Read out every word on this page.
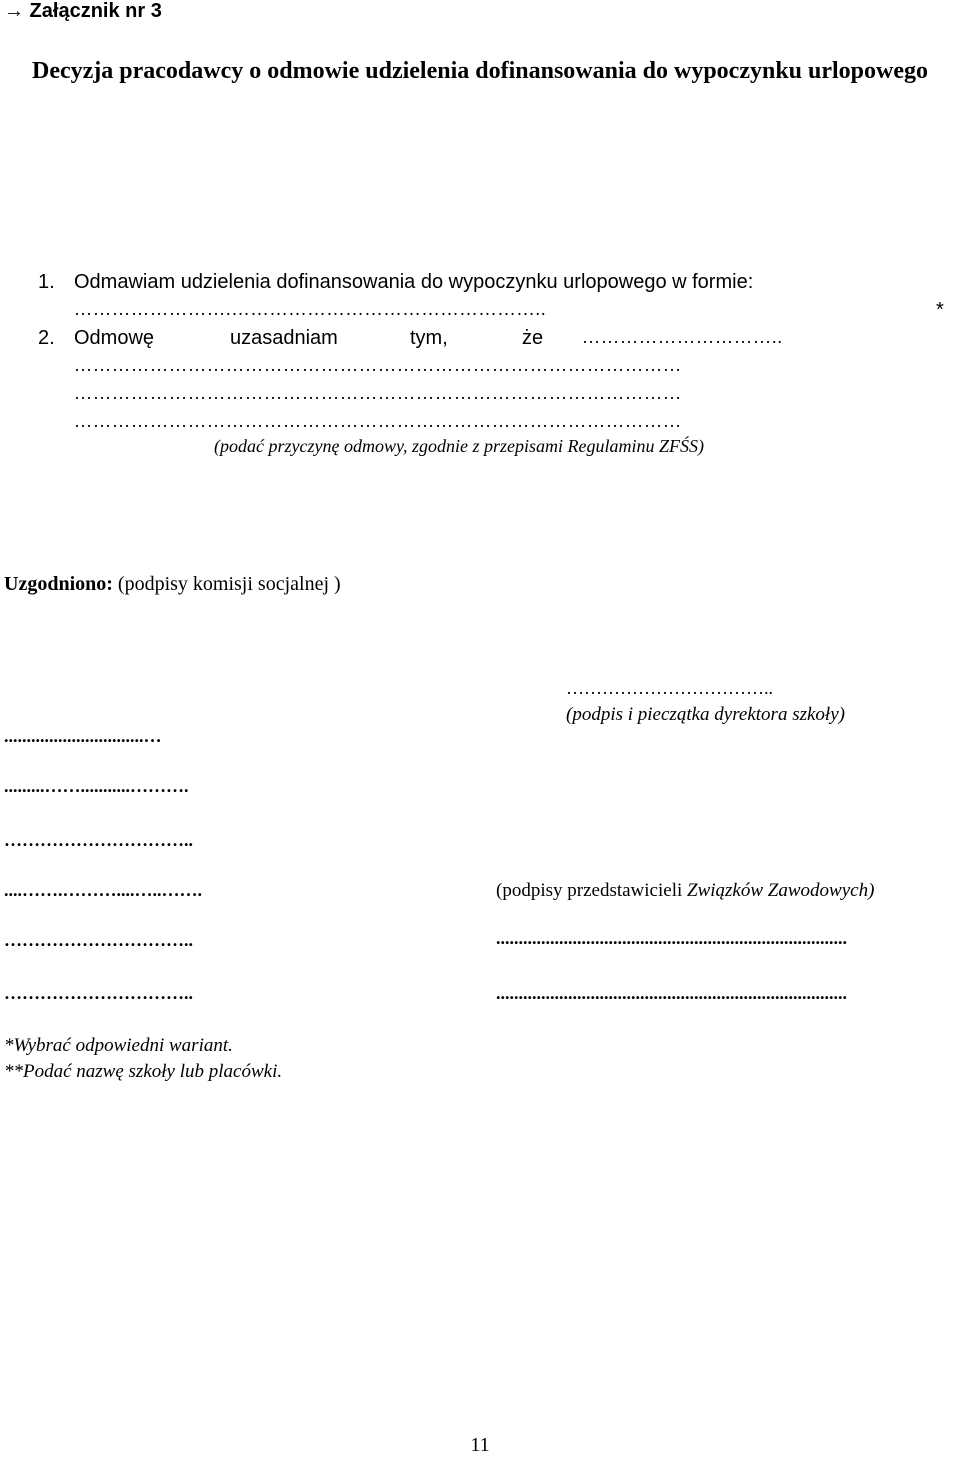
→ Załącznik nr 3
Decyzja pracodawcy o odmowie udzielenia dofinansowania do wypoczynku urlopowego
1. Odmawiam udzielenia dofinansowania do wypoczynku urlopowego w formie:
…………………….…………………………………………..	*
2. Odmowę	uzasadniam	tym,	że …………………………..
……………………………………………………………………………………
……………………………………………………………………………………
……………………………………………………………………………………
(podać przyczynę odmowy, zgodnie z przepisami Regulaminu ZFŚS)
Uzgodniono: (podpisy komisji socjalnej )
……………………………..
(podpis i pieczątka dyrektora szkoły)
...............................…
.........……...........……….
…………………………..
....…….………....…..…….
…………………………..
…………………………..
(podpisy przedstawicieli Związków Zawodowych)
..............................................................................
..............................................................................
*Wybrać odpowiedni wariant.
**Podać nazwę szkoły lub placówki.
11
